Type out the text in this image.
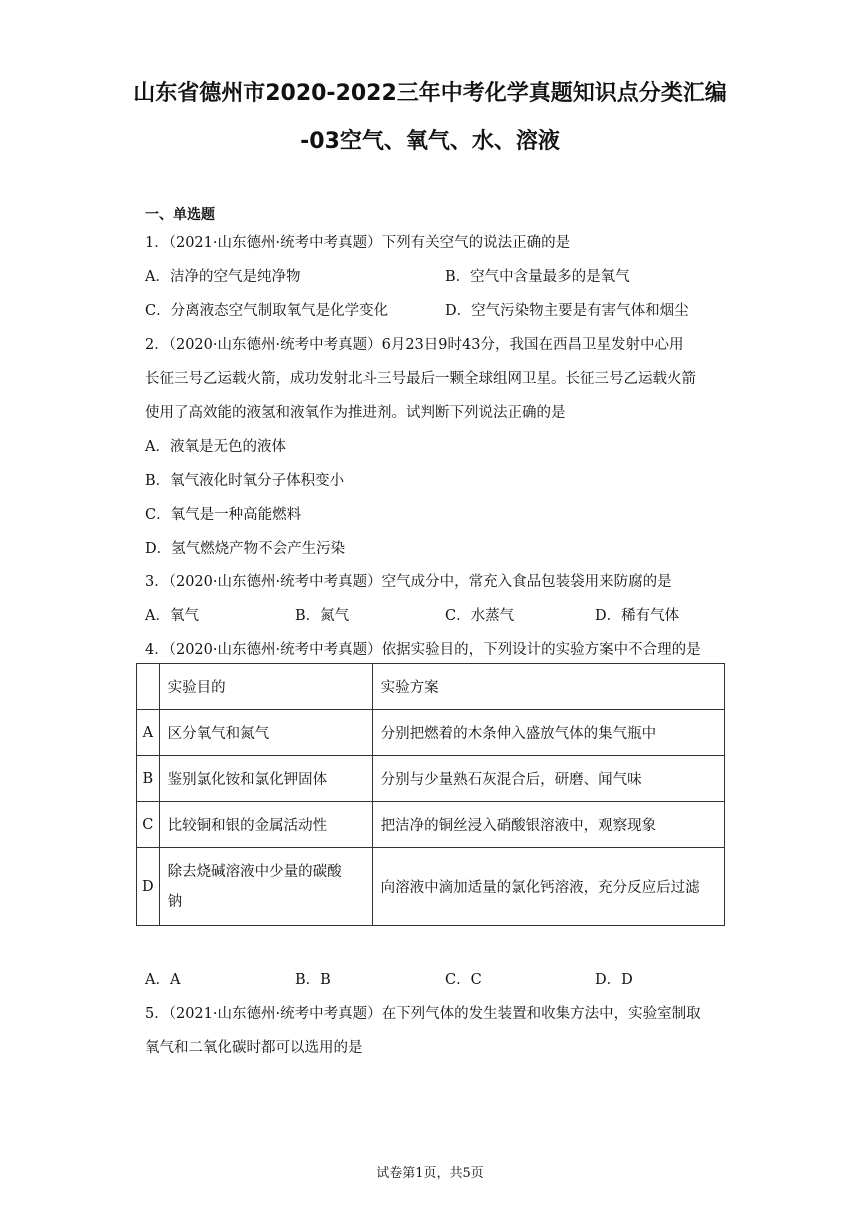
山东省德州市2020-2022三年中考化学真题知识点分类汇编
-03空气、氧气、水、溶液
一、单选题
1．（2021·山东德州·统考中考真题）下列有关空气的说法正确的是
A．洁净的空气是纯净物	B．空气中含量最多的是氧气
C．分离液态空气制取氧气是化学变化	D．空气污染物主要是有害气体和烟尘
2．（2020·山东德州·统考中考真题）6月23日9时43分，我国在西昌卫星发射中心用
长征三号乙运载火箭，成功发射北斗三号最后一颗全球组网卫星。长征三号乙运载火箭
使用了高效能的液氢和液氧作为推进剂。试判断下列说法正确的是
A．液氧是无色的液体
B．氧气液化时氧分子体积变小
C．氧气是一种高能燃料
D．氢气燃烧产物不会产生污染
3．（2020·山东德州·统考中考真题）空气成分中，常充入食品包装袋用来防腐的是
A．氧气	B．氮气	C．水蒸气	D．稀有气体
4．（2020·山东德州·统考中考真题）依据实验目的，下列设计的实验方案中不合理的是
	实验目的	实验方案
A	区分氧气和氮气	分别把燃着的木条伸入盛放气体的集气瓶中
B	鉴别氯化铵和氯化钾固体	分别与少量熟石灰混合后，研磨、闻气味
C	比较铜和银的金属活动性	把洁净的铜丝浸入硝酸银溶液中，观察现象
D	除去烧碱溶液中少量的碳酸
钠	向溶液中滴加适量的氯化钙溶液，充分反应后过滤
A．A	B．B	C．C	D．D
5．（2021·山东德州·统考中考真题）在下列气体的发生装置和收集方法中，实验室制取
氧气和二氧化碳时都可以选用的是
试卷第1页，共5页
